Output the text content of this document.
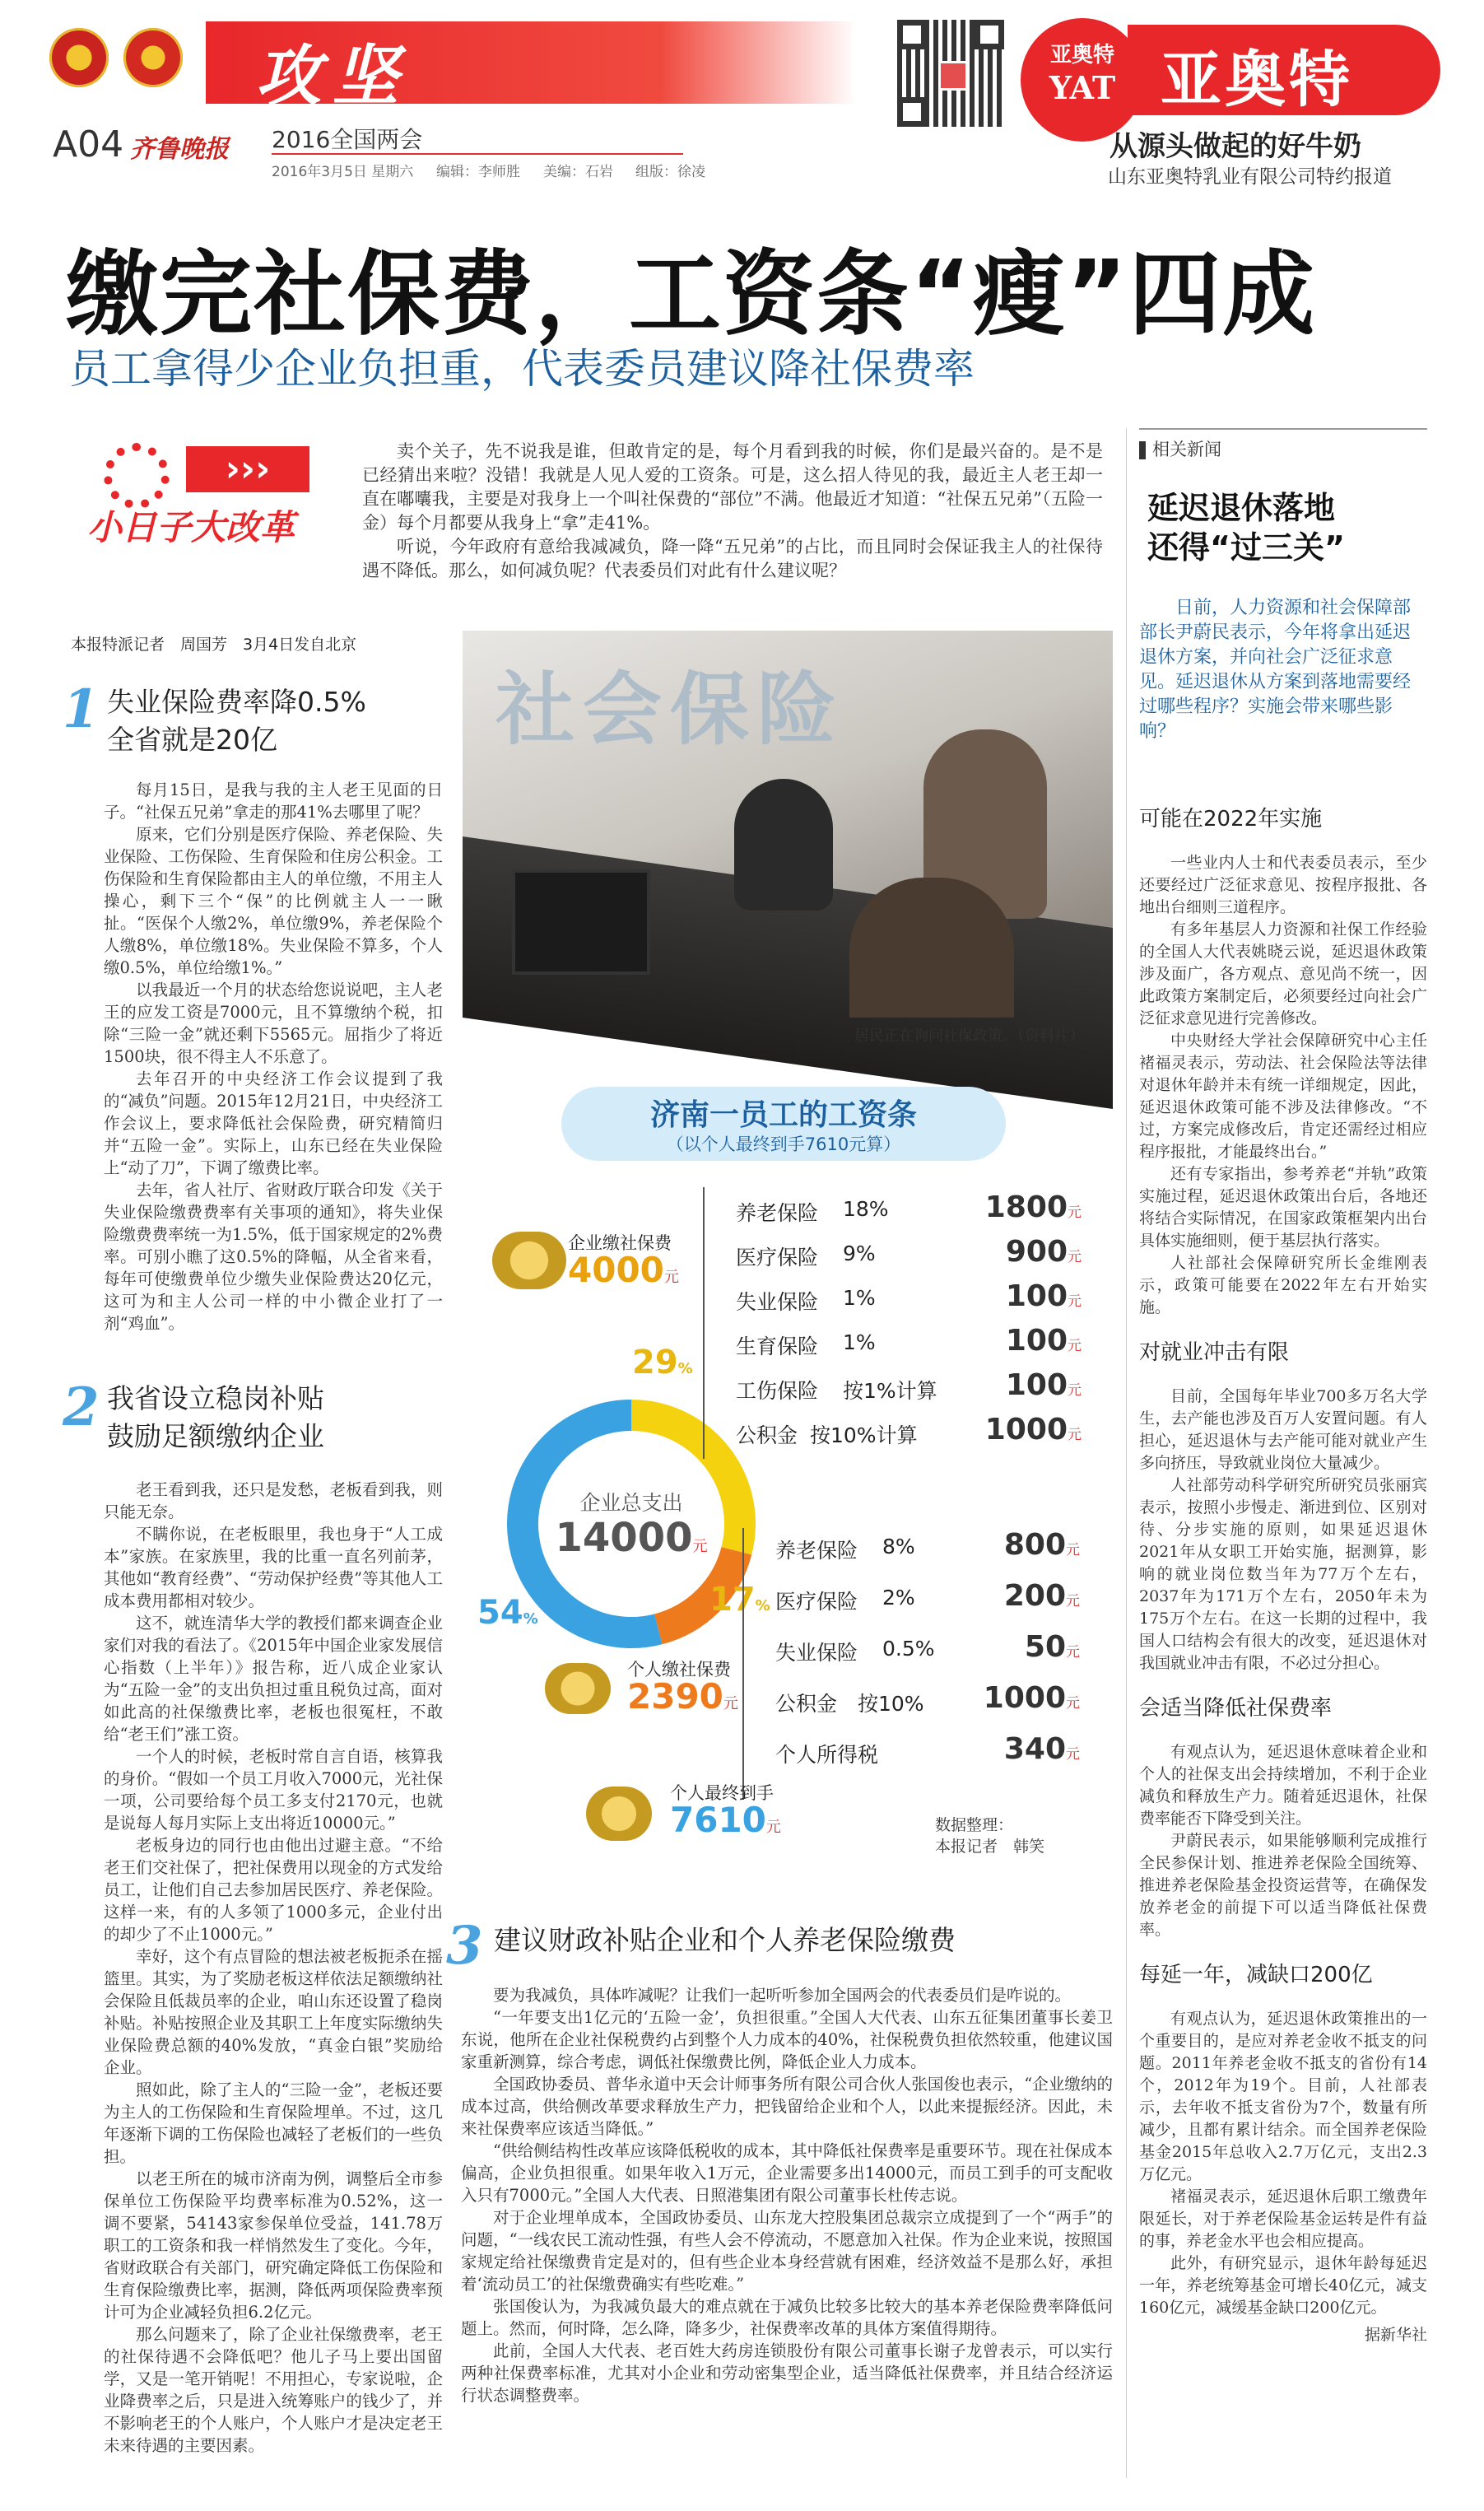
攻坚
A04 齐鲁晚报 2016全国两会
2016年3月5日 星期六 编辑：李师胜 美编：石岩 组版：徐凌
亚奥特
YAT 亚奥特
从源头做起的好牛奶
山东亚奥特乳业有限公司特约报道
缴完社保费，工资条“瘦”四成
员工拿得少企业负担重，代表委员建议降社保费率
›››
小日子大改革

卖个关子，先不说我是谁，但敢肯定的是，每个月看到我的时候，你们是最兴奋的。是不是已经猜出来啦？没错！我就是人见人爱的工资条。可是，这么招人待见的我，最近主人老王却一直在嘟囔我，主要是对我身上一个叫社保费的“部位”不满。他最近才知道：“社保五兄弟”（五险一金）每个月都要从我身上“拿”走41%。

听说，今年政府有意给我减减负，降一降“五兄弟”的占比，而且同时会保证我主人的社保待遇不降低。那么，如何减负呢？代表委员们对此有什么建议呢？

本报特派记者　周国芳　3月4日发自北京
社会保险
居民正在询问社保政策。（资料片）
1 失业保险费率降0.5%
全省就是20亿

每月15日，是我与我的主人老王见面的日子。“社保五兄弟”拿走的那41%去哪里了呢？

原来，它们分别是医疗保险、养老保险、失业保险、工伤保险、生育保险和住房公积金。工伤保险和生育保险都由主人的单位缴，不用主人操心，剩下三个“保”的比例就主人一一瞅扯。“医保个人缴2%，单位缴9%，养老保险个人缴8%，单位缴18%。失业保险不算多，个人缴0.5%，单位给缴1%。”

以我最近一个月的状态给您说说吧，主人老王的应发工资是7000元，且不算缴纳个税，扣除“三险一金”就还剩下5565元。屈指少了将近1500块，很不得主人不乐意了。

去年召开的中央经济工作会议提到了我的“减负”问题。2015年12月21日，中央经济工作会议上，要求降低社会保险费，研究精简归并“五险一金”。实际上，山东已经在失业保险上“动了刀”，下调了缴费比率。

去年，省人社厅、省财政厅联合印发《关于失业保险缴费费率有关事项的通知》，将失业保险缴费费率统一为1.5%，低于国家规定的2%费率。可别小瞧了这0.5%的降幅，从全省来看，每年可使缴费单位少缴失业保险费达20亿元，这可为和主人公司一样的中小微企业打了一剂“鸡血”。

2 我省设立稳岗补贴
鼓励足额缴纳企业

老王看到我，还只是发愁，老板看到我，则只能无奈。

不瞒你说，在老板眼里，我也身于“人工成本”家族。在家族里，我的比重一直名列前茅，其他如“教育经费”、“劳动保护经费”等其他人工成本费用都相对较少。

这不，就连清华大学的教授们都来调查企业家们对我的看法了。《2015年中国企业家发展信心指数（上半年）》报告称，近八成企业家认为“五险一金”的支出负担过重且税负过高，面对如此高的社保缴费比率，老板也很冤枉，不敢给“老王们”涨工资。

一个人的时候，老板时常自言自语，核算我的身价。“假如一个员工月收入7000元，光社保一项，公司要给每个员工多支付2170元，也就是说每人每月实际上支出将近10000元。”

老板身边的同行也由他出过避主意。“不给老王们交社保了，把社保费用以现金的方式发给员工，让他们自己去参加居民医疗、养老保险。这样一来，有的人多领了1000多元，企业付出的却少了不止1000元。”

幸好，这个有点冒险的想法被老板扼杀在摇篮里。其实，为了奖励老板这样依法足额缴纳社会保险且低裁员率的企业，咱山东还设置了稳岗补贴。补贴按照企业及其职工上年度实际缴纳失业保险费总额的40%发放，“真金白银”奖励给企业。

照如此，除了主人的“三险一金”，老板还要为主人的工伤保险和生育保险埋单。不过，这几年逐渐下调的工伤保险也减轻了老板们的一些负担。

以老王所在的城市济南为例，调整后全市参保单位工伤保险平均费率标准为0.52%，这一调不要紧，54143家参保单位受益，141.78万职工的工资条和我一样悄然发生了变化。今年，省财政联合有关部门，研究确定降低工伤保险和生育保险缴费比率，据测，降低两项保险费率预计可为企业减轻负担6.2亿元。

那么问题来了，除了企业社保缴费率，老王的社保待遇不会降低吧？他儿子马上要出国留学，又是一笔开销呢！不用担心，专家说啦，企业降费率之后，只是进入统筹账户的钱少了，并不影响老王的个人账户，个人账户才是决定老王未来待遇的主要因素。

济南一员工的工资条
（以个人最终到手7610元算）
企业缴社保费
4000元
29%
17%
54%
企业总支出
14000元
养老保险 18%	1800元
医疗保险 9%	900元
失业保险 1%	100元
生育保险 1%	100元
工伤保险 按1%计算 100元
公积金 按10%计算 1000元
养老保险 8%	800元
医疗保险 2%	200元
失业保险 0.5%	50元
公积金 按10% 1000元
个人所得税	340元
个人缴社保费
2390元
个人最终到手
7610元	数据整理：
本报记者　韩笑
3 建议财政补贴企业和个人养老保险缴费

要为我减负，具体咋减呢？让我们一起听听参加全国两会的代表委员们是咋说的。

“一年要支出1亿元的‘五险一金’，负担很重。”全国人大代表、山东五征集团董事长姜卫东说，他所在企业社保税费约占到整个人力成本的40%，社保税费负担依然较重，他建议国家重新测算，综合考虑，调低社保缴费比例，降低企业人力成本。

全国政协委员、普华永道中天会计师事务所有限公司合伙人张国俊也表示，“企业缴纳的成本过高，供给侧改革要求释放生产力，把钱留给企业和个人，以此来提振经济。因此，未来社保费率应该适当降低。”

“供给侧结构性改革应该降低税收的成本，其中降低社保费率是重要环节。现在社保成本偏高，企业负担很重。如果年收入1万元，企业需要多出14000元，而员工到手的可支配收入只有7000元。”全国人大代表、日照港集团有限公司董事长杜传志说。

对于企业埋单成本，全国政协委员、山东龙大控股集团总裁宗立成提到了一个“两手”的问题，“一线农民工流动性强，有些人会不停流动，不愿意加入社保。作为企业来说，按照国家规定给社保缴费肯定是对的，但有些企业本身经营就有困难，经济效益不是那么好，承担着‘流动员工’的社保缴费确实有些吃难。”

张国俊认为，为我减负最大的难点就在于减负比较多比较大的基本养老保险费率降低问题上。然而，何时降，怎么降，降多少，社保费率改革的具体方案值得期待。

此前，全国人大代表、老百姓大药房连锁股份有限公司董事长谢子龙曾表示，可以实行两种社保费率标准，尤其对小企业和劳动密集型企业，适当降低社保费率，并且结合经济运行状态调整费率。

相关新闻
延迟退休落地
还得“过三关”
日前，人力资源和社会保障部部长尹蔚民表示，今年将拿出延迟退休方案，并向社会广泛征求意见。延迟退休从方案到落地需要经过哪些程序？实施会带来哪些影响？
可能在2022年实施

一些业内人士和代表委员表示，至少还要经过广泛征求意见、按程序报批、各地出台细则三道程序。

有多年基层人力资源和社保工作经验的全国人大代表姚晓云说，延迟退休政策涉及面广，各方观点、意见尚不统一，因此政策方案制定后，必须要经过向社会广泛征求意见进行完善修改。

中央财经大学社会保障研究中心主任褚福灵表示，劳动法、社会保险法等法律对退休年龄并未有统一详细规定，因此，延迟退休政策可能不涉及法律修改。“不过，方案完成修改后，肯定还需经过相应程序报批，才能最终出台。”

还有专家指出，参考养老“并轨”政策实施过程，延迟退休政策出台后，各地还将结合实际情况，在国家政策框架内出台具体实施细则，便于基层执行落实。

人社部社会保障研究所长金维刚表示，政策可能要在2022年左右开始实施。

对就业冲击有限

目前，全国每年毕业700多万名大学生，去产能也涉及百万人安置问题。有人担心，延迟退休与去产能可能对就业产生多向挤压，导致就业岗位大量减少。

人社部劳动科学研究所研究员张丽宾表示，按照小步慢走、渐进到位、区别对待、分步实施的原则，如果延迟退休2021年从女职工开始实施，据测算，影响的就业岗位数当年为77万个左右，2037年为171万个左右，2050年未为175万个左右。在这一长期的过程中，我国人口结构会有很大的改变，延迟退休对我国就业冲击有限，不必过分担心。

会适当降低社保费率

有观点认为，延迟退休意味着企业和个人的社保支出会持续增加，不利于企业减负和释放生产力。随着延迟退休，社保费率能否下降受到关注。

尹蔚民表示，如果能够顺利完成推行全民参保计划、推进养老保险全国统筹、推进养老保险基金投资运营等，在确保发放养老金的前提下可以适当降低社保费率。

每延一年，减缺口200亿

有观点认为，延迟退休政策推出的一个重要目的，是应对养老金收不抵支的问题。2011年养老金收不抵支的省份有14个，2012年为19个。目前，人社部表示，去年收不抵支省份为7个，数量有所减少，且都有累计结余。而全国养老保险基金2015年总收入2.7万亿元，支出2.3万亿元。

褚福灵表示，延迟退休后职工缴费年限延长，对于养老保险基金运转是件有益的事，养老金水平也会相应提高。

此外，有研究显示，退休年龄每延迟一年，养老统筹基金可增长40亿元，减支160亿元，减缓基金缺口200亿元。

据新华社
